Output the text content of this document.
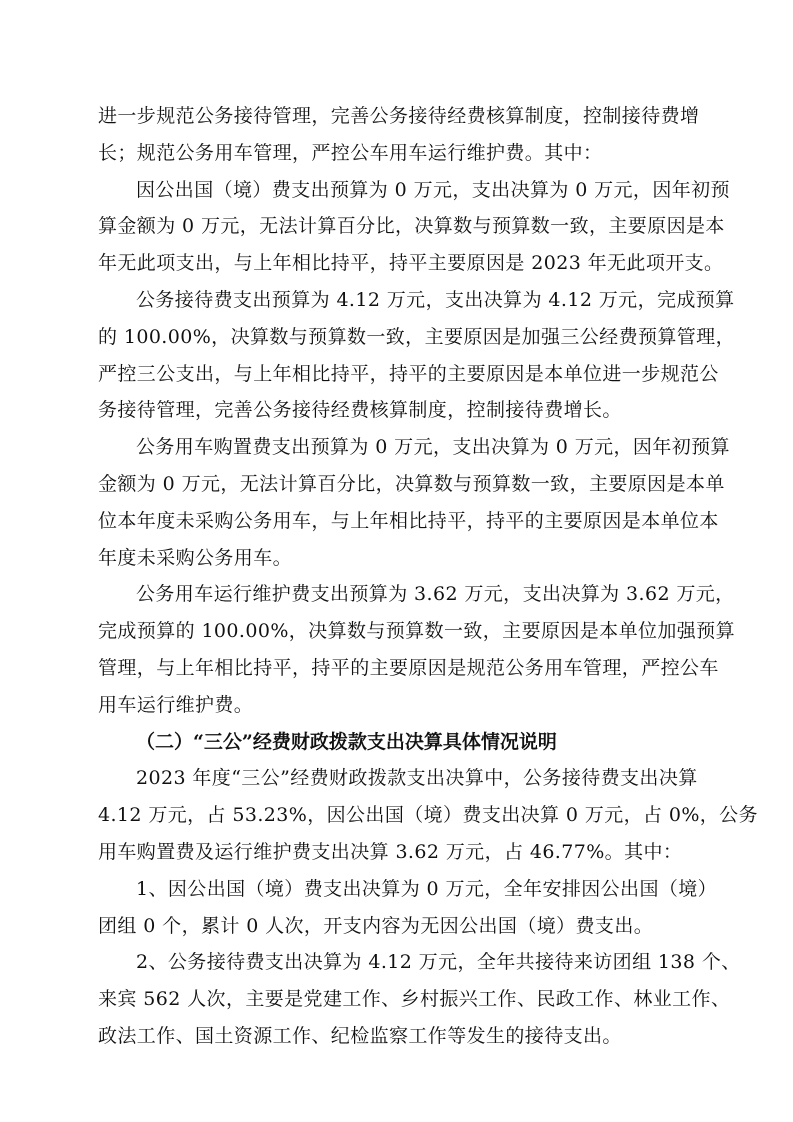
进一步规范公务接待管理，完善公务接待经费核算制度，控制接待费增

长；规范公务用车管理，严控公车用车运行维护费。其中：

因公出国（境）费支出预算为 0 万元，支出决算为 0 万元，因年初预

算金额为 0 万元，无法计算百分比，决算数与预算数一致，主要原因是本

年无此项支出，与上年相比持平，持平主要原因是 2023 年无此项开支。

公务接待费支出预算为 4.12 万元，支出决算为 4.12 万元，完成预算

的 100.00%，决算数与预算数一致，主要原因是加强三公经费预算管理，

严控三公支出，与上年相比持平，持平的主要原因是本单位进一步规范公

务接待管理，完善公务接待经费核算制度，控制接待费增长。

公务用车购置费支出预算为 0 万元，支出决算为 0 万元，因年初预算

金额为 0 万元，无法计算百分比，决算数与预算数一致，主要原因是本单

位本年度未采购公务用车，与上年相比持平，持平的主要原因是本单位本

年度未采购公务用车。

公务用车运行维护费支出预算为 3.62 万元，支出决算为 3.62 万元，

完成预算的 100.00%，决算数与预算数一致，主要原因是本单位加强预算

管理，与上年相比持平，持平的主要原因是规范公务用车管理，严控公车

用车运行维护费。

（二）“三公”经费财政拨款支出决算具体情况说明

2023 年度“三公”经费财政拨款支出决算中，公务接待费支出决算

4.12 万元，占 53.23%，因公出国（境）费支出决算 0 万元，占 0%，公务

用车购置费及运行维护费支出决算 3.62 万元，占 46.77%。其中：

1、因公出国（境）费支出决算为 0 万元，全年安排因公出国（境）

团组 0 个，累计 0 人次，开支内容为无因公出国（境）费支出。

2、公务接待费支出决算为 4.12 万元，全年共接待来访团组 138 个、

来宾 562 人次，主要是党建工作、乡村振兴工作、民政工作、林业工作、

政法工作、国土资源工作、纪检监察工作等发生的接待支出。
